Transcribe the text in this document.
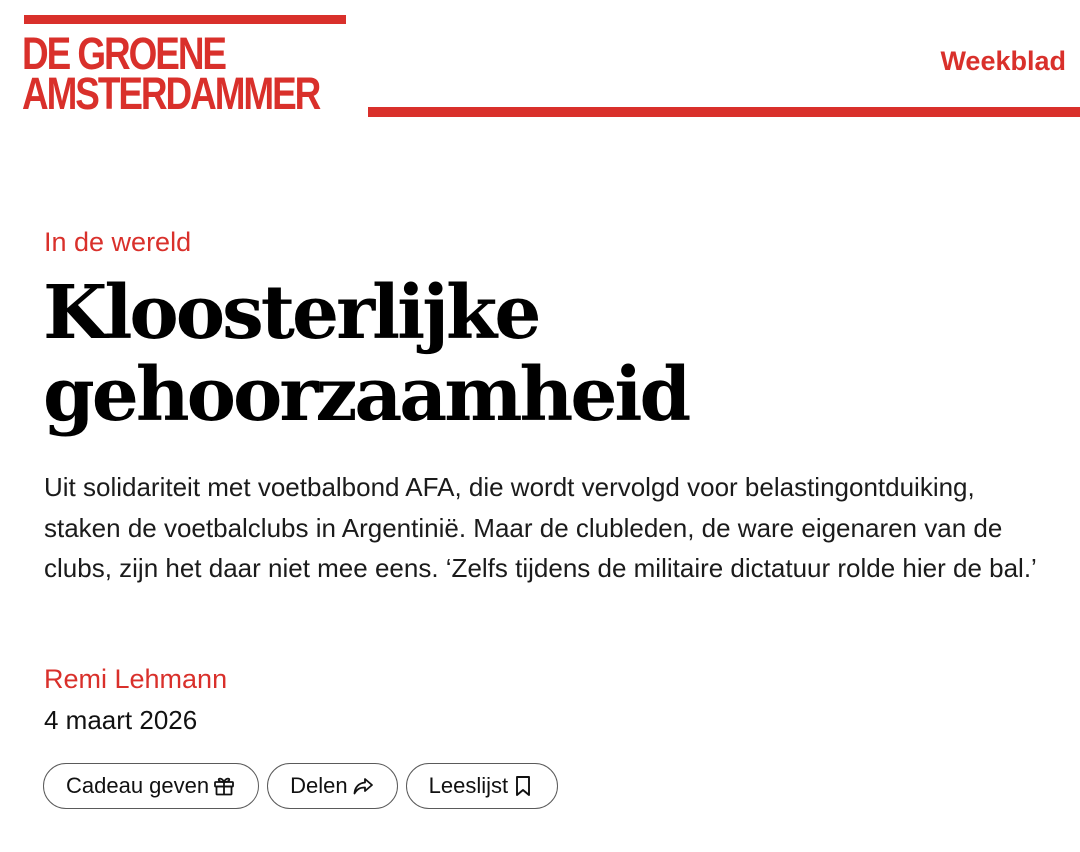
DE GROENE
AMSTERDAMMER
Weekblad
In de wereld
Kloosterlijke gehoorzaamheid

Uit solidariteit met voetbalbond AFA, die wordt vervolgd voor belastingontduiking, staken de voetbalclubs in Argentinië. Maar de clubleden, de ware eigenaren van de clubs, zijn het daar niet mee eens. ‘Zelfs tijdens de militaire dictatuur rolde hier de bal.’

Remi Lehmann
4 maart 2026
Cadeau geven	Delen	Leeslijst
